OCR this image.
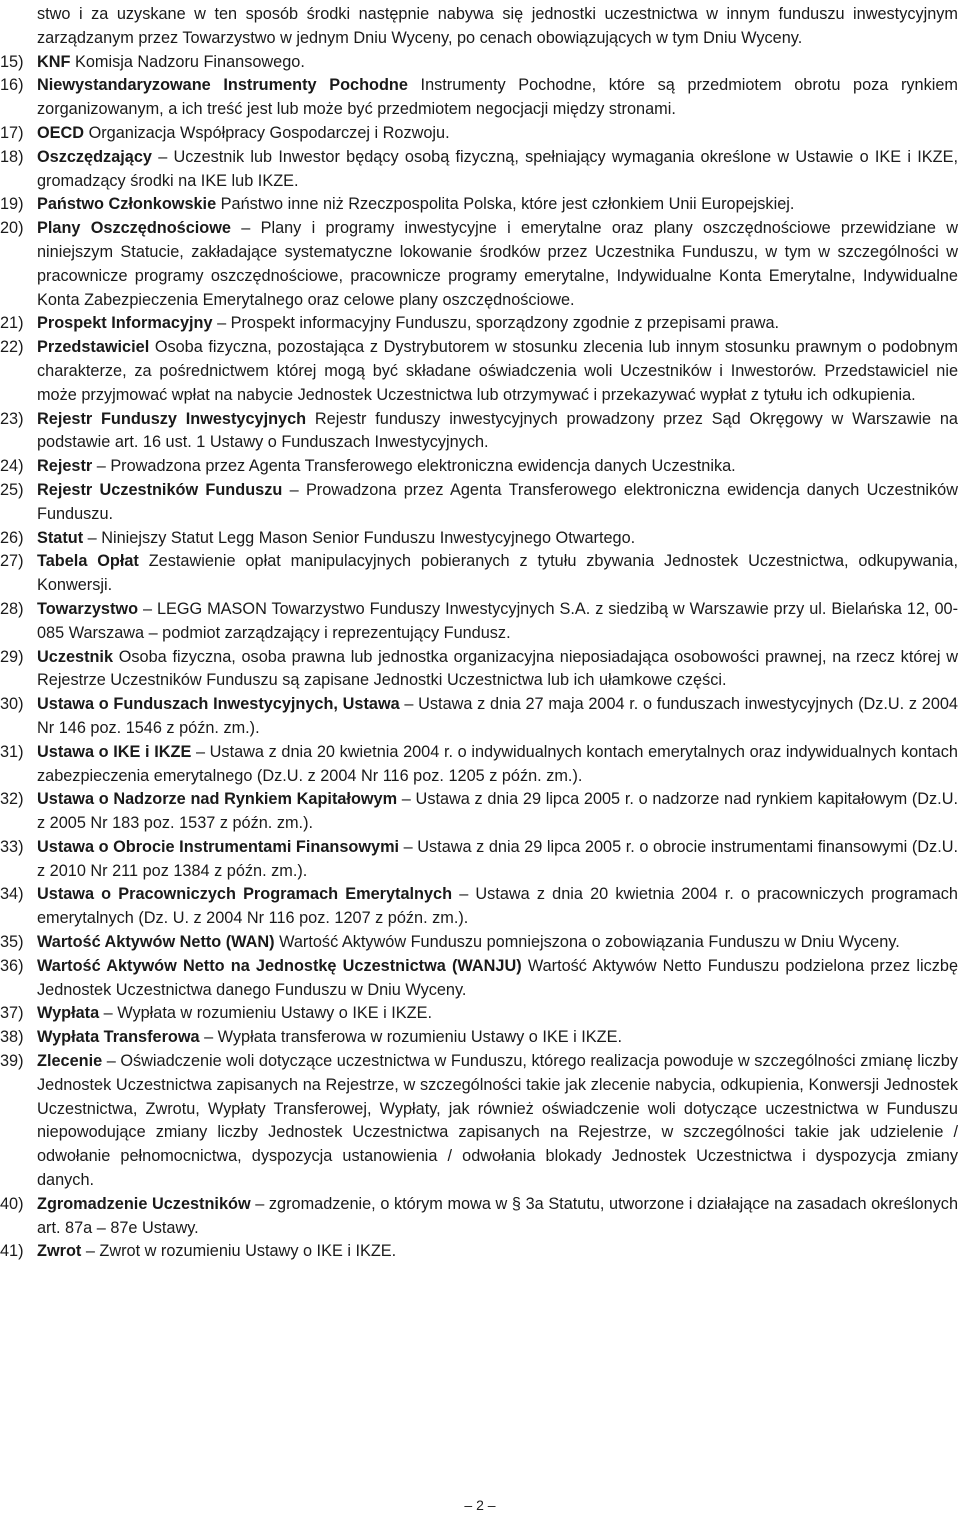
stwo i za uzyskane w ten sposób środki następnie nabywa się jednostki uczestnictwa w innym funduszu inwestycyjnym zarządzanym przez Towarzystwo w jednym Dniu Wyceny, po cenach obowiązujących w tym Dniu Wyceny.

15) KNF Komisja Nadzoru Finansowego.

16) Niewystandaryzowane Instrumenty Pochodne Instrumenty Pochodne, które są przedmiotem obrotu poza rynkiem zorganizowanym, a ich treść jest lub może być przedmiotem negocjacji między stronami.

17) OECD Organizacja Współpracy Gospodarczej i Rozwoju.

18) Oszczędzający – Uczestnik lub Inwestor będący osobą fizyczną, spełniający wymagania określone w Ustawie o IKE i IKZE, gromadzący środki na IKE lub IKZE.

19) Państwo Członkowskie Państwo inne niż Rzeczpospolita Polska, które jest członkiem Unii Europejskiej.

20) Plany Oszczędnościowe – Plany i programy inwestycyjne i emerytalne oraz plany oszczędnościowe przewidziane w niniejszym Statucie, zakładające systematyczne lokowanie środków przez Uczestnika Funduszu, w tym w szczególności w pracownicze programy oszczędnościowe, pracownicze programy emerytalne, Indywidualne Konta Emerytalne, Indywidualne Konta Zabezpieczenia Emerytalnego oraz celowe plany oszczędnościowe.

21) Prospekt Informacyjny – Prospekt informacyjny Funduszu, sporządzony zgodnie z przepisami prawa.

22) Przedstawiciel Osoba fizyczna, pozostająca z Dystrybutorem w stosunku zlecenia lub innym stosunku prawnym o podobnym charakterze, za pośrednictwem której mogą być składane oświadczenia woli Uczestników i Inwestorów. Przedstawiciel nie może przyjmować wpłat na nabycie Jednostek Uczestnictwa lub otrzymywać i przekazywać wypłat z tytułu ich odkupienia.

23) Rejestr Funduszy Inwestycyjnych Rejestr funduszy inwestycyjnych prowadzony przez Sąd Okręgowy w Warszawie na podstawie art. 16 ust. 1 Ustawy o Funduszach Inwestycyjnych.

24) Rejestr – Prowadzona przez Agenta Transferowego elektroniczna ewidencja danych Uczestnika.

25) Rejestr Uczestników Funduszu – Prowadzona przez Agenta Transferowego elektroniczna ewidencja danych Uczestników Funduszu.

26) Statut – Niniejszy Statut Legg Mason Senior Funduszu Inwestycyjnego Otwartego.

27) Tabela Opłat Zestawienie opłat manipulacyjnych pobieranych z tytułu zbywania Jednostek Uczestnictwa, odkupywania, Konwersji.

28) Towarzystwo – LEGG MASON Towarzystwo Funduszy Inwestycyjnych S.A. z siedzibą w Warszawie przy ul. Bielańska 12, 00-085 Warszawa – podmiot zarządzający i reprezentujący Fundusz.

29) Uczestnik Osoba fizyczna, osoba prawna lub jednostka organizacyjna nieposiadająca osobowości prawnej, na rzecz której w Rejestrze Uczestników Funduszu są zapisane Jednostki Uczestnictwa lub ich ułamkowe części.

30) Ustawa o Funduszach Inwestycyjnych, Ustawa – Ustawa z dnia 27 maja 2004 r. o funduszach inwestycyjnych (Dz.U. z 2004 Nr 146 poz. 1546 z późn. zm.).

31) Ustawa o IKE i IKZE – Ustawa z dnia 20 kwietnia 2004 r. o indywidualnych kontach emerytalnych oraz indywidualnych kontach zabezpieczenia emerytalnego (Dz.U. z 2004 Nr 116 poz. 1205 z późn. zm.).

32) Ustawa o Nadzorze nad Rynkiem Kapitałowym – Ustawa z dnia 29 lipca 2005 r. o nadzorze nad rynkiem kapitałowym (Dz.U. z 2005 Nr 183 poz. 1537 z późn. zm.).

33) Ustawa o Obrocie Instrumentami Finansowymi – Ustawa z dnia 29 lipca 2005 r. o obrocie instrumentami finansowymi (Dz.U. z 2010 Nr 211 poz 1384 z późn. zm.).

34) Ustawa o Pracowniczych Programach Emerytalnych – Ustawa z dnia 20 kwietnia 2004 r. o pracowniczych programach emerytalnych (Dz. U. z 2004 Nr 116 poz. 1207 z późn. zm.).

35) Wartość Aktywów Netto (WAN) Wartość Aktywów Funduszu pomniejszona o zobowiązania Funduszu w Dniu Wyceny.

36) Wartość Aktywów Netto na Jednostkę Uczestnictwa (WANJU) Wartość Aktywów Netto Funduszu podzielona przez liczbę Jednostek Uczestnictwa danego Funduszu w Dniu Wyceny.

37) Wypłata – Wypłata w rozumieniu Ustawy o IKE i IKZE.

38) Wypłata Transferowa – Wypłata transferowa w rozumieniu Ustawy o IKE i IKZE.

39) Zlecenie – Oświadczenie woli dotyczące uczestnictwa w Funduszu, którego realizacja powoduje w szczególności zmianę liczby Jednostek Uczestnictwa zapisanych na Rejestrze, w szczególności takie jak zlecenie nabycia, odkupienia, Konwersji Jednostek Uczestnictwa, Zwrotu, Wypłaty Transferowej, Wypłaty, jak również oświadczenie woli dotyczące uczestnictwa w Funduszu niepowodujące zmiany liczby Jednostek Uczestnictwa zapisanych na Rejestrze, w szczególności takie jak udzielenie / odwołanie pełnomocnictwa, dyspozycja ustanowienia / odwołania blokady Jednostek Uczestnictwa i dyspozycja zmiany danych.

40) Zgromadzenie Uczestników – zgromadzenie, o którym mowa w § 3a Statutu, utworzone i działające na zasadach określonych art. 87a – 87e Ustawy.

41) Zwrot – Zwrot w rozumieniu Ustawy o IKE i IKZE.

– 2 –
